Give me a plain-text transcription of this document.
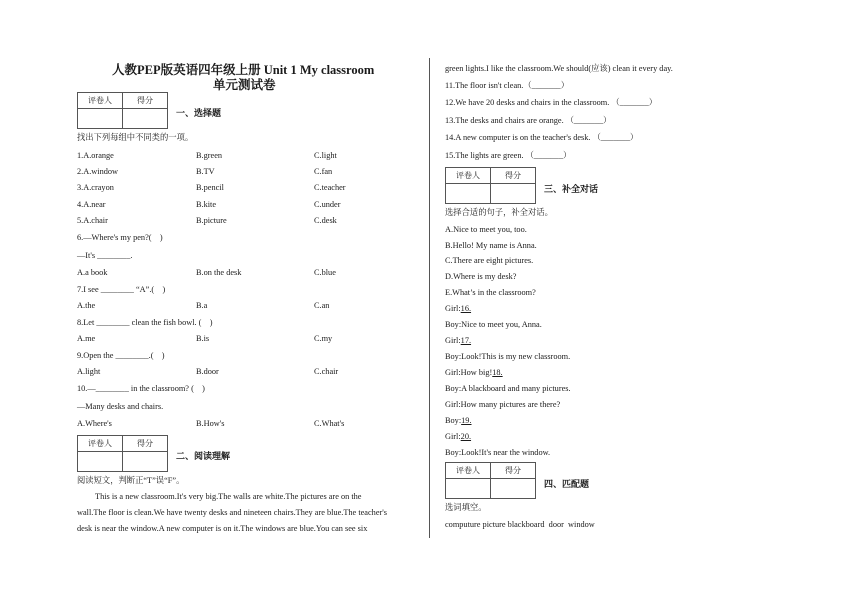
人教PEP版英语四年级上册 Unit 1 My classroom
单元测试卷
评卷人	得分

一、选择题
找出下列每组中不同类的一项。
1.A.orange	B.green	C.light
2.A.window	B.TV	C.fan
3.A.crayon	B.pencil	C.teacher
4.A.near	B.kite	C.under
5.A.chair	B.picture	C.desk
6.—Where's my pen?(    )
—It's ________.
A.a book	B.on the desk	C.blue
7.I see ________ “A”.(    )
A.the	B.a	C.an
8.Let ________ clean the fish bowl. (    )
A.me	B.is	C.my
9.Open the ________.(    )
A.light	B.door	C.chair
10.—________ in the classroom? (    )
—Many desks and chairs.
A.Where's	B.How's	C.What's
评卷人	得分

二、阅读理解
阅读短文，判断正“T”误“F”。
This is a new classroom.It's very big.The walls are white.The pictures are on the
wall.The floor is clean.We have twenty desks and nineteen chairs.They are blue.The teacher's
desk is near the window.A new computer is on it.The windows are blue.You can see six
green lights.I like the classroom.We should(应该) clean it every day.
11.The floor isn't clean.（_______）
12.We have 20 desks and chairs in the classroom. （_______）
13.The desks and chairs are orange. （_______）
14.A new computer is on the teacher's desk. （_______）
15.The lights are green. （_______）
评卷人	得分

三、补全对话
选择合适的句子，补全对话。
A.Nice to meet you, too.
B.Hello! My name is Anna.
C.There are eight pictures.
D.Where is my desk?
E.What’s in the classroom?
Girl:16.
Boy:Nice to meet you, Anna.
Girl:17.
Boy:Look!This is my new classroom.
Girl:How big!18.
Boy:A blackboard and many pictures.
Girl:How many pictures are there?
Boy:19.
Girl:20.
Boy:Look!It's near the window.
评卷人	得分

四、匹配题
选词填空。
computure picture blackboard  door  window
